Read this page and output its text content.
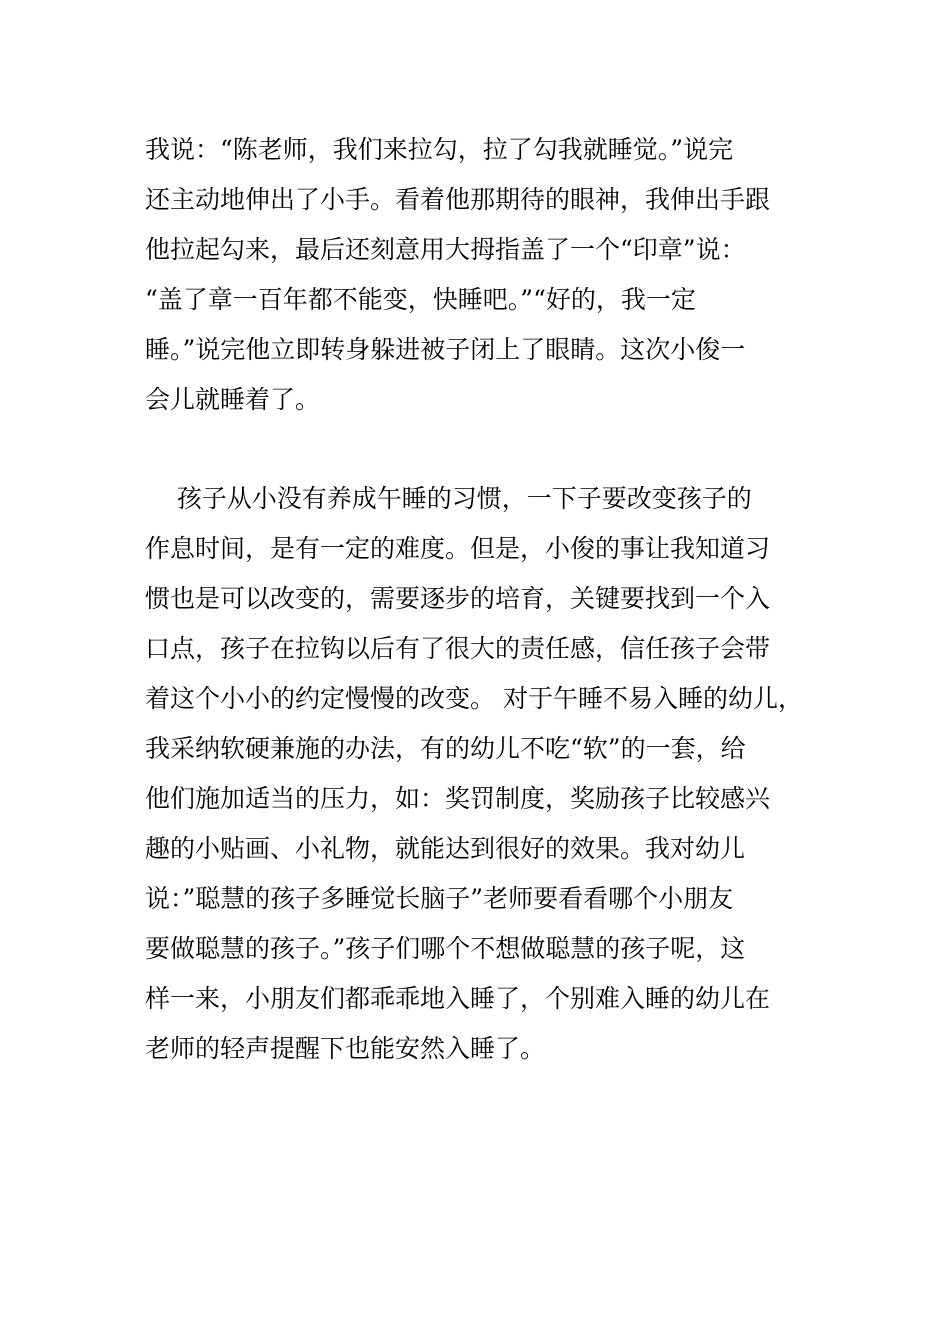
我说：“陈老师，我们来拉勾，拉了勾我就睡觉。”说完
还主动地伸出了小手。看着他那期待的眼神，我伸出手跟
他拉起勾来，最后还刻意用大拇指盖了一个“印章”说：
“盖了章一百年都不能变，快睡吧。”“好的，我一定
睡。”说完他立即转身躲进被子闭上了眼睛。这次小俊一
会儿就睡着了。
孩子从小没有养成午睡的习惯，一下子要改变孩子的
作息时间，是有一定的难度。但是，小俊的事让我知道习
惯也是可以改变的，需要逐步的培育，关键要找到一个入
口点，孩子在拉钩以后有了很大的责任感，信任孩子会带
着这个小小的约定慢慢的改变。 对于午睡不易入睡的幼儿，
我采纳软硬兼施的办法，有的幼儿不吃“软”的一套，给
他们施加适当的压力，如：奖罚制度，奖励孩子比较感兴
趣的小贴画、小礼物，就能达到很好的效果。我对幼儿
说：”聪慧的孩子多睡觉长脑子”老师要看看哪个小朋友
要做聪慧的孩子。”孩子们哪个不想做聪慧的孩子呢，这
样一来，小朋友们都乖乖地入睡了，个别难入睡的幼儿在
老师的轻声提醒下也能安然入睡了。
